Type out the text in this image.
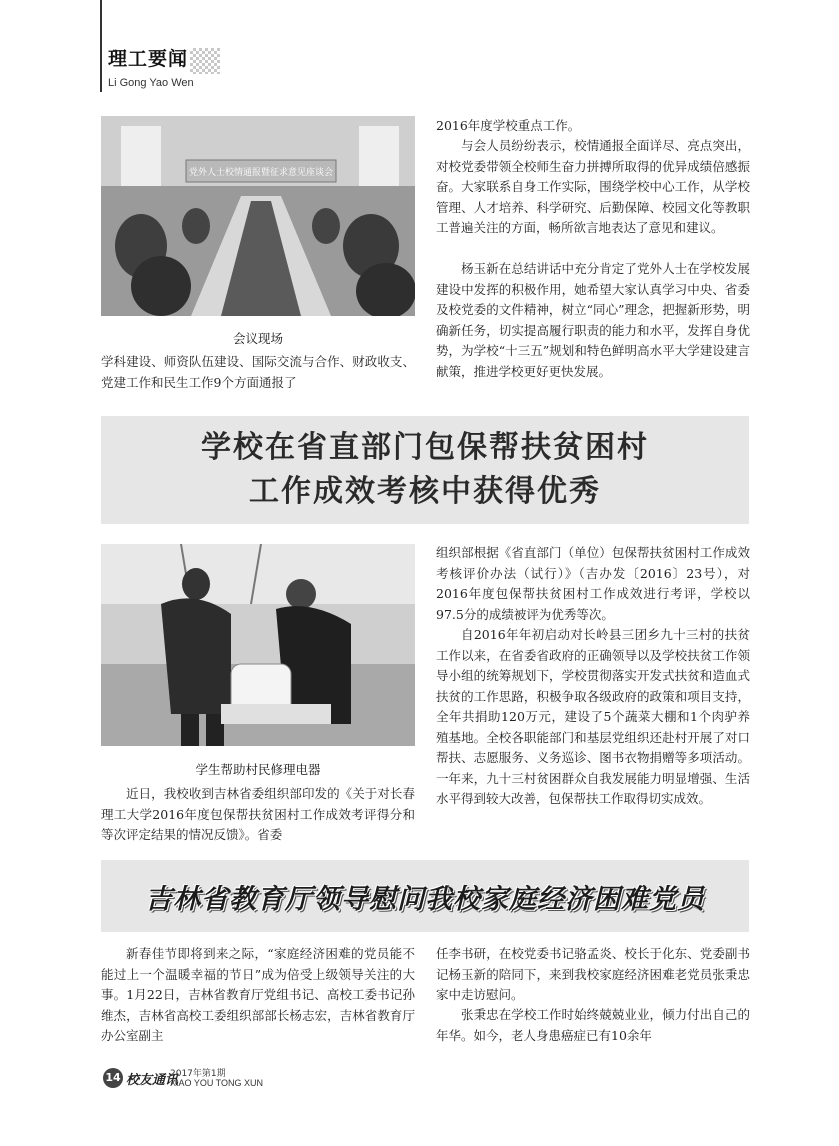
理工要闻
Li Gong Yao Wen
党外人士校情通报暨征求意见座谈会
会议现场

学科建设、师资队伍建设、国际交流与合作、财政收支、党建工作和民生工作9个方面通报了

2016年度学校重点工作。

与会人员纷纷表示，校情通报全面详尽、亮点突出，对校党委带领全校师生奋力拼搏所取得的优异成绩倍感振奋。大家联系自身工作实际，围绕学校中心工作，从学校管理、人才培养、科学研究、后勤保障、校园文化等教职工普遍关注的方面，畅所欲言地表达了意见和建议。

杨玉新在总结讲话中充分肯定了党外人士在学校发展建设中发挥的积极作用，她希望大家认真学习中央、省委及校党委的文件精神，树立“同心”理念，把握新形势，明确新任务，切实提高履行职责的能力和水平，发挥自身优势，为学校“十三五”规划和特色鲜明高水平大学建设建言献策，推进学校更好更快发展。

学校在省直部门包保帮扶贫困村
工作成效考核中获得优秀
学生帮助村民修理电器

近日，我校收到吉林省委组织部印发的《关于对长春理工大学2016年度包保帮扶贫困村工作成效考评得分和等次评定结果的情况反馈》。省委

组织部根据《省直部门（单位）包保帮扶贫困村工作成效考核评价办法（试行）》（吉办发〔2016〕23号），对2016年度包保帮扶贫困村工作成效进行考评，学校以97.5分的成绩被评为优秀等次。

自2016年年初启动对长岭县三团乡九十三村的扶贫工作以来，在省委省政府的正确领导以及学校扶贫工作领导小组的统筹规划下，学校贯彻落实开发式扶贫和造血式扶贫的工作思路，积极争取各级政府的政策和项目支持，全年共捐助120万元，建设了5个蔬菜大棚和1个肉驴养殖基地。全校各职能部门和基层党组织还赴村开展了对口帮扶、志愿服务、义务巡诊、图书衣物捐赠等多项活动。一年来，九十三村贫困群众自我发展能力明显增强、生活水平得到较大改善，包保帮扶工作取得切实成效。

吉林省教育厅领导慰问我校家庭经济困难党员

新春佳节即将到来之际，“家庭经济困难的党员能不能过上一个温暖幸福的节日”成为倍受上级领导关注的大事。1月22日，吉林省教育厅党组书记、高校工委书记孙维杰，吉林省高校工委组织部部长杨志宏，吉林省教育厅办公室副主

任李书研，在校党委书记骆孟炎、校长于化东、党委副书记杨玉新的陪同下，来到我校家庭经济困难老党员张秉忠家中走访慰问。

张秉忠在学校工作时始终兢兢业业，倾力付出自己的年华。如今，老人身患癌症已有10余年

14 校友通讯
2017年第1期
XIAO YOU TONG XUN
